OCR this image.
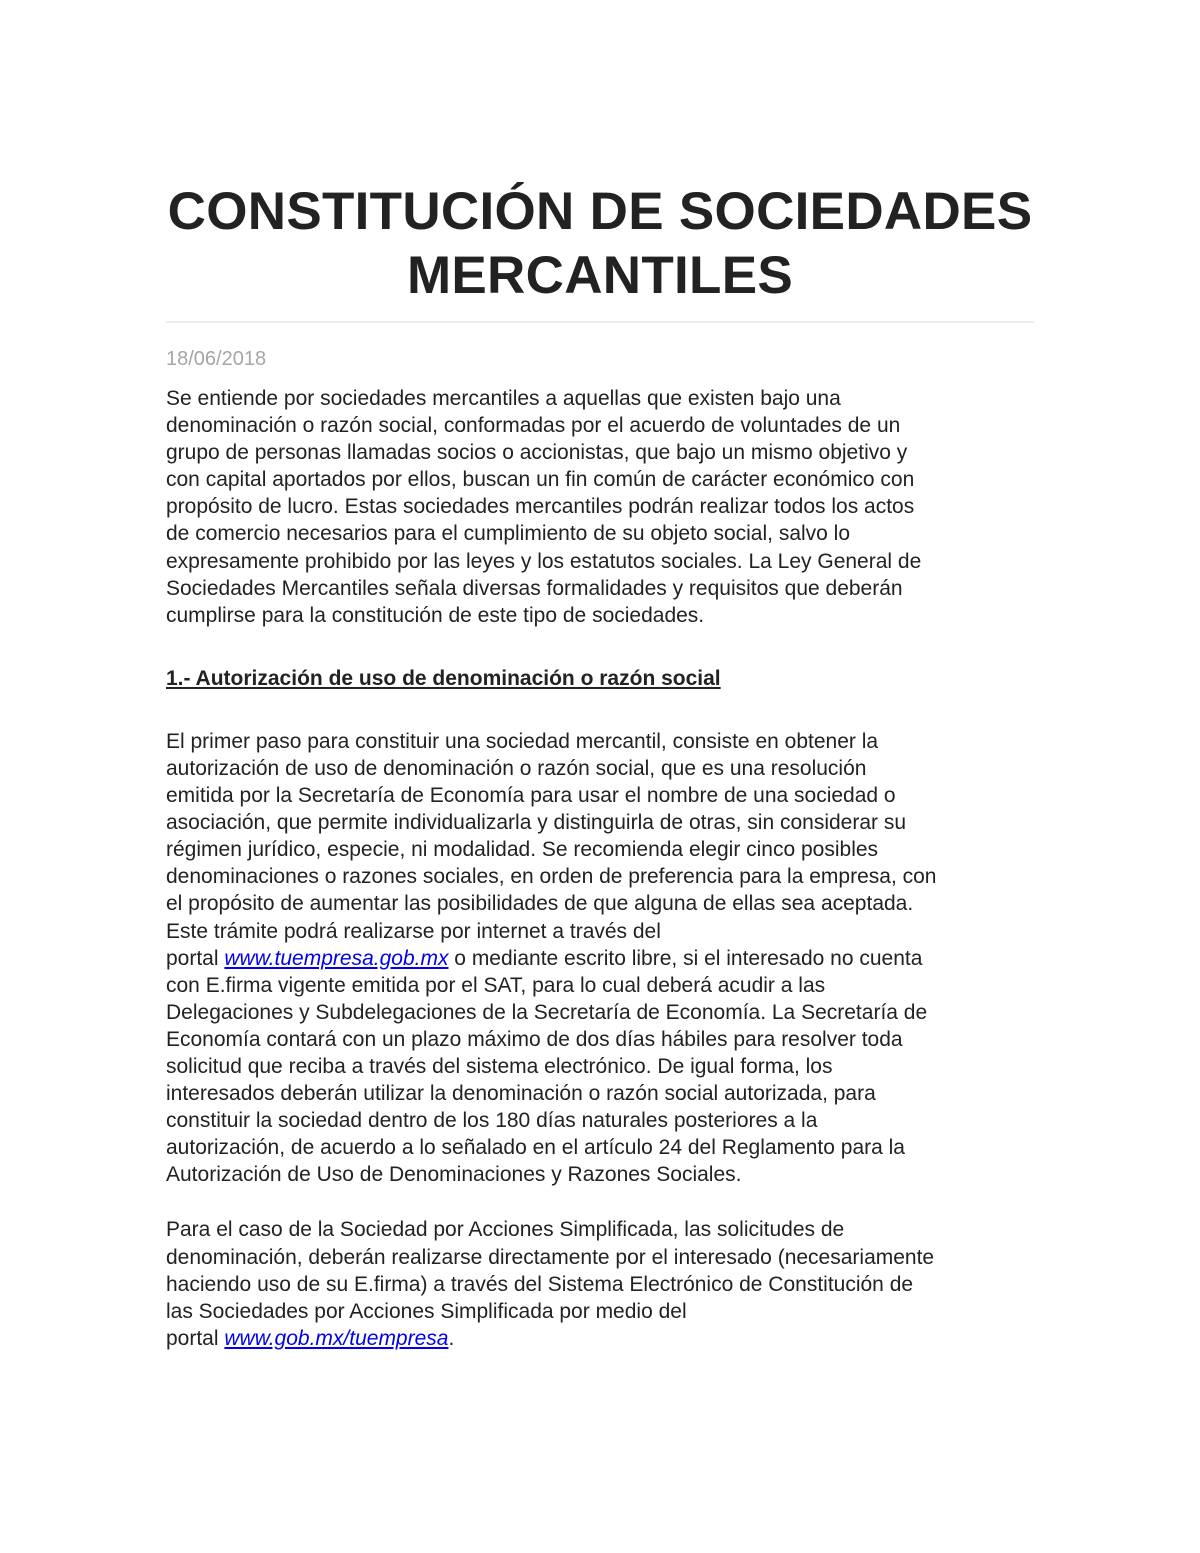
CONSTITUCIÓN DE SOCIEDADES MERCANTILES
18/06/2018

Se entiende por sociedades mercantiles a aquellas que existen bajo una
denominación o razón social, conformadas por el acuerdo de voluntades de un
grupo de personas llamadas socios o accionistas, que bajo un mismo objetivo y
con capital aportados por ellos, buscan un fin común de carácter económico con
propósito de lucro. Estas sociedades mercantiles podrán realizar todos los actos
de comercio necesarios para el cumplimiento de su objeto social, salvo lo
expresamente prohibido por las leyes y los estatutos sociales. La Ley General de
Sociedades Mercantiles señala diversas formalidades y requisitos que deberán
cumplirse para la constitución de este tipo de sociedades.

1.- Autorización de uso de denominación o razón social

El primer paso para constituir una sociedad mercantil, consiste en obtener la
autorización de uso de denominación o razón social, que es una resolución
emitida por la Secretaría de Economía para usar el nombre de una sociedad o
asociación, que permite individualizarla y distinguirla de otras, sin considerar su
régimen jurídico, especie, ni modalidad. Se recomienda elegir cinco posibles
denominaciones o razones sociales, en orden de preferencia para la empresa, con
el propósito de aumentar las posibilidades de que alguna de ellas sea aceptada.
Este trámite podrá realizarse por internet a través del
portal www.tuempresa.gob.mx o mediante escrito libre, si el interesado no cuenta
con E.firma vigente emitida por el SAT, para lo cual deberá acudir a las
Delegaciones y Subdelegaciones de la Secretaría de Economía. La Secretaría de
Economía contará con un plazo máximo de dos días hábiles para resolver toda
solicitud que reciba a través del sistema electrónico. De igual forma, los
interesados deberán utilizar la denominación o razón social autorizada, para
constituir la sociedad dentro de los 180 días naturales posteriores a la
autorización, de acuerdo a lo señalado en el artículo 24 del Reglamento para la
Autorización de Uso de Denominaciones y Razones Sociales.

Para el caso de la Sociedad por Acciones Simplificada, las solicitudes de
denominación, deberán realizarse directamente por el interesado (necesariamente
haciendo uso de su E.firma) a través del Sistema Electrónico de Constitución de
las Sociedades por Acciones Simplificada por medio del
portal www.gob.mx/tuempresa.
